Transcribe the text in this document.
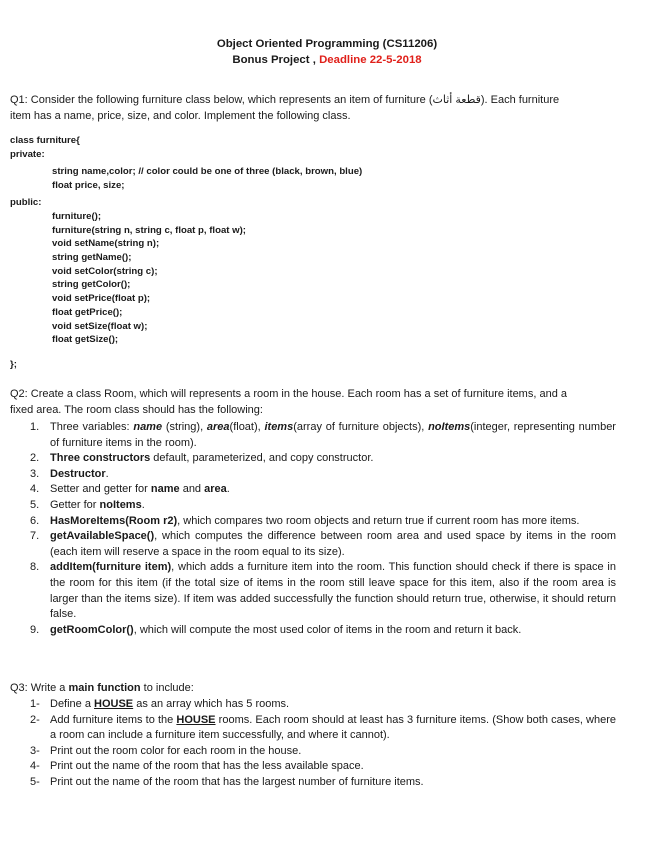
Object Oriented Programming (CS11206)
Bonus Project , Deadline 22-5-2018
Q1: Consider the following furniture class below, which represents an item of furniture (قطعة أثاث). Each furniture
item has a name, price, size, and color. Implement the following class.
class furniture{
private:
string name,color; // color could be one of three (black, brown, blue)
float price, size;
public:
furniture();
furniture(string n, string c, float p, float w);
void setName(string n);
string getName();
void setColor(string c);
string getColor();
void setPrice(float p);
float getPrice();
void setSize(float w);
float getSize();
};
Q2: Create a class Room, which will represents a room in the house. Each room has a set of furniture items, and a
fixed area. The room class should has the following:
1. Three variables: name (string), area(float), items(array of furniture objects), noItems(integer, representing number of furniture items in the room).
2. Three constructors default, parameterized, and copy constructor.
3. Destructor.
4. Setter and getter for name and area.
5. Getter for noItems.
6. HasMoreItems(Room r2), which compares two room objects and return true if current room has more items.
7. getAvailableSpace(), which computes the difference between room area and used space by items in the room (each item will reserve a space in the room equal to its size).
8. addItem(furniture item), which adds a furniture item into the room. This function should check if there is space in the room for this item (if the total size of items in the room still leave space for this item, also if the room area is larger than the items size). If item was added successfully the function should return true, otherwise, it should return false.
9. getRoomColor(), which will compute the most used color of items in the room and return it back.
Q3: Write a main function to include:
1- Define a HOUSE as an array which has 5 rooms.
2- Add furniture items to the HOUSE rooms. Each room should at least has 3 furniture items. (Show both cases, where a room can include a furniture item successfully, and where it cannot).
3- Print out the room color for each room in the house.
4- Print out the name of the room that has the less available space.
5- Print out the name of the room that has the largest number of furniture items.
